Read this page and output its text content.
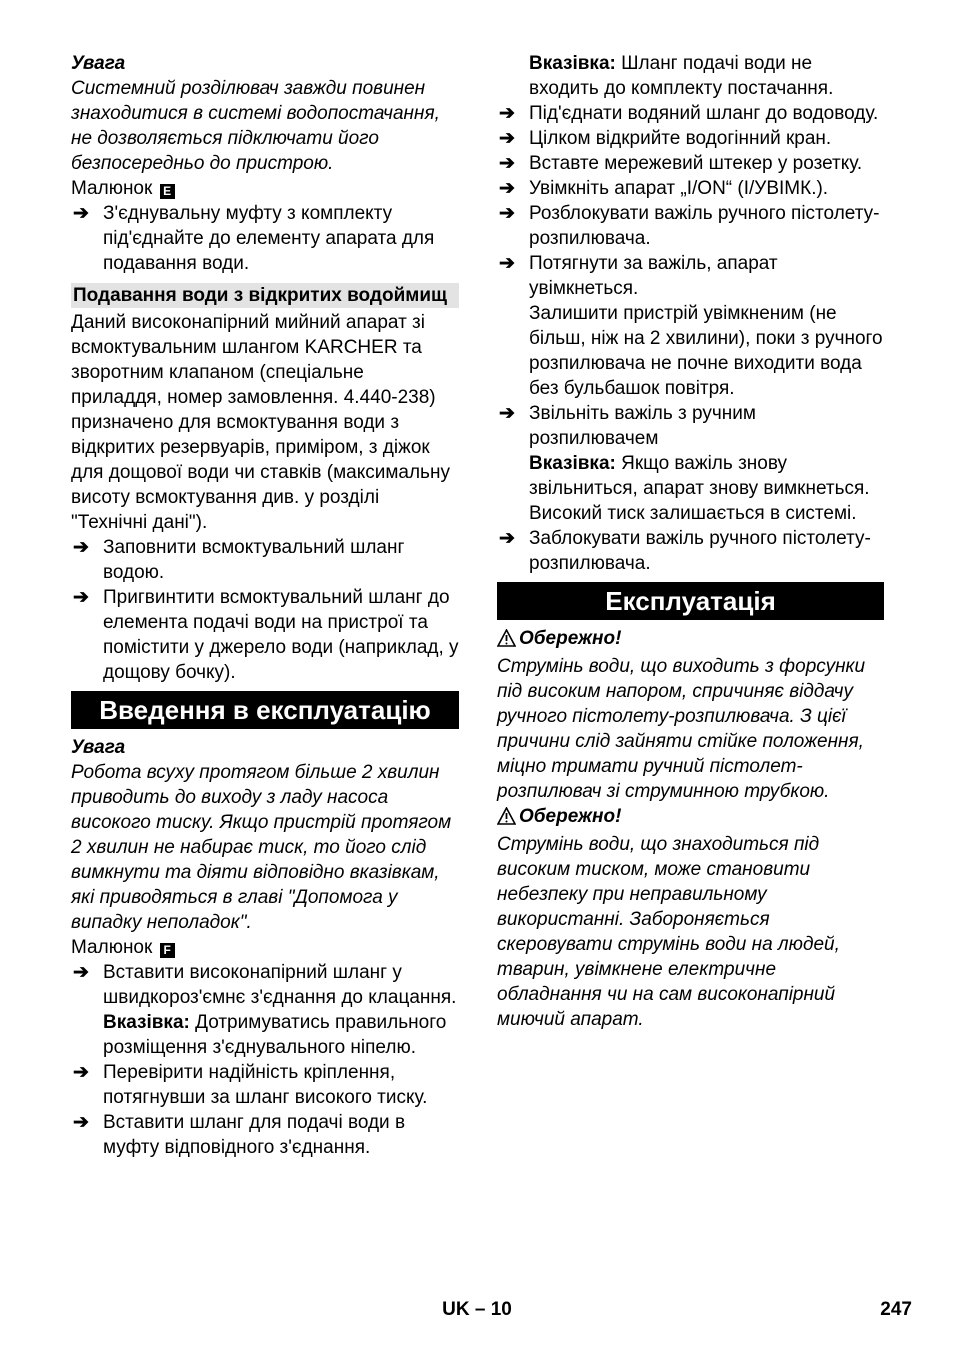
Увага

Системний розділювач завжди повинен знаходитися в системі водопостачання, не дозволяється підключати його безпосередньо до пристрою.

Малюнок E

➔ З'єднувальну муфту з комплекту під'єднайте до елементу апарата для подавання води.
Подавання води з відкритих водоймищ

Даний високонапірний мийний апарат зі всмоктувальним шлангом KARCHER та зворотним клапаном (спеціальне приладдя, номер замовлення. 4.440-238) призначено для всмоктування води з відкритих резервуарів, приміром, з діжок для дощової води чи ставків (максимальну висоту всмоктування див. у розділі "Технічні дані").

➔ Заповнити всмоктувальний шланг водою.
➔ Пригвинтити всмоктувальний шланг до елемента подачі води на пристрої та помістити у джерело води (наприклад, у дощову бочку).
Введення в експлуатацію

Увага

Робота всуху протягом більше 2 хвилин приводить до виходу з ладу насоса високого тиску. Якщо пристрій протягом 2 хвилин не набирає тиск, то його слід вимкнути та діяти відповідно вказівкам, які приводяться в главі "Допомога у випадку неполадок".

Малюнок F

➔ Вставити високонапірний шланг у швидкороз'ємнє з'єднання до клацання.

Вказівка: Дотримуватись правильного розміщення з'єднувального ніпелю.

➔ Перевірити надійність кріплення, потягнувши за шланг високого тиску.
➔ Вставити шланг для подачі води в муфту відповідного з'єднання.

Вказівка: Шланг подачі води не входить до комплекту постачання.

➔ Під'єднати водяний шланг до водоводу.
➔ Цілком відкрийте водогінний кран.
➔ Вставте мережевий штекер у розетку.
➔ Увімкніть апарат „I/ON“ (I/УВІМК.).
➔ Розблокувати важіль ручного пістолету-розпилювача.
➔ Потягнути за важіль, апарат увімкнеться.

Залишити пристрій увімкненим (не більш, ніж на 2 хвилини), поки з ручного розпилювача не почне виходити вода без бульбашок повітря.

➔ Звільніть важіль з ручним розпилювачем

Вказівка: Якщо важіль знову звільниться, апарат знову вимкнеться. Високий тиск залишається в системі.

➔ Заблокувати важіль ручного пістолету-розпилювача.
Експлуатація

Обережно!

Струмінь води, що виходить з форсунки під високим напором, спричиняє віддачу ручного пістолету-розпилювача. З цієї причини слід зайняти стійке положення, міцно тримати ручний пістолет-розпилювач зі струминною трубкою.

Обережно!

Струмінь води, що знаходиться під високим тиском, може становити небезпеку при неправильному використанні. Забороняється скеровувати струмінь води на людей, тварин, увімкнене електричне обладнання чи на сам високонапірний миючий апарат.

UK – 10	247
